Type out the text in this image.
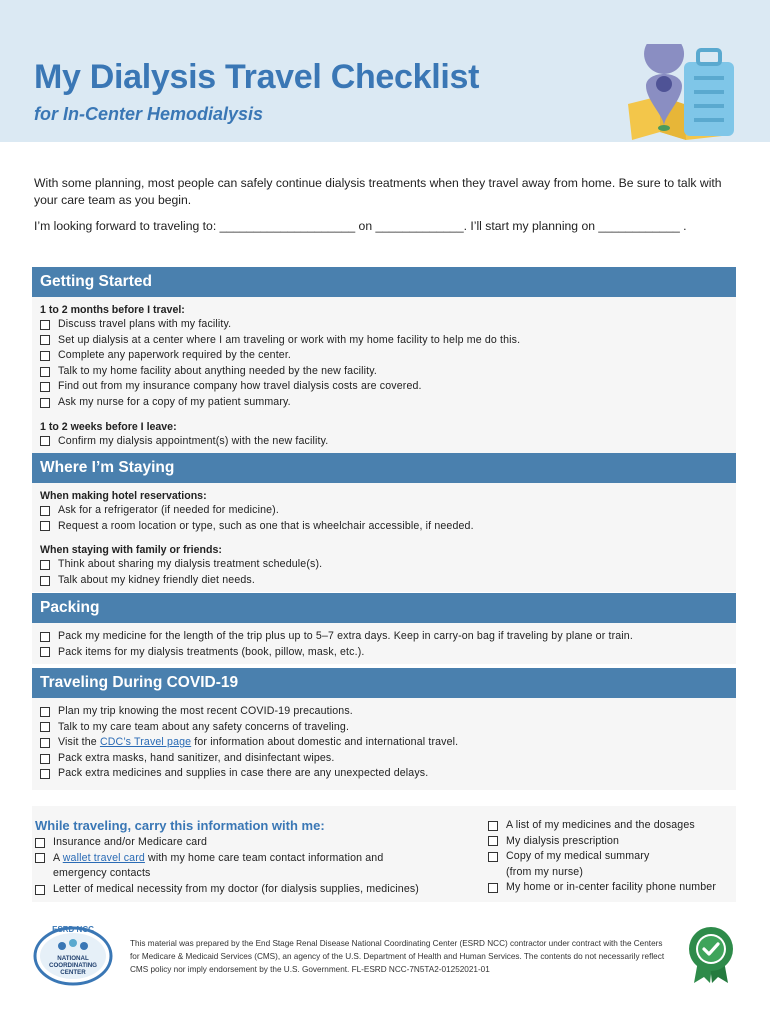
My Dialysis Travel Checklist
for In-Center Hemodialysis
With some planning, most people can safely continue dialysis treatments when they travel away from home. Be sure to talk with your care team as you begin.
I’m looking forward to traveling to: ____________________ on _____________. I’ll start my planning on ____________ .
Getting Started
1 to 2 months before I travel:
Discuss travel plans with my facility.
Set up dialysis at a center where I am traveling or work with my home facility to help me do this.
Complete any paperwork required by the center.
Talk to my home facility about anything needed by the new facility.
Find out from my insurance company how travel dialysis costs are covered.
Ask my nurse for a copy of my patient summary.
1 to 2 weeks before I leave:
Confirm my dialysis appointment(s) with the new facility.
Where I’m Staying
When making hotel reservations:
Ask for a refrigerator (if needed for medicine).
Request a room location or type, such as one that is wheelchair accessible, if needed.
When staying with family or friends:
Think about sharing my dialysis treatment schedule(s).
Talk about my kidney friendly diet needs.
Packing
Pack my medicine for the length of the trip plus up to 5–7 extra days. Keep in carry-on bag if traveling by plane or train.
Pack items for my dialysis treatments (book, pillow, mask, etc.).
Traveling During COVID-19
Plan my trip knowing the most recent COVID-19 precautions.
Talk to my care team about any safety concerns of traveling.
Visit the CDC’s Travel page for information about domestic and international travel.
Pack extra masks, hand sanitizer, and disinfectant wipes.
Pack extra medicines and supplies in case there are any unexpected delays.
While traveling, carry this information with me:
Insurance and/or Medicare card
A wallet travel card with my home care team contact information and
emergency contacts
Letter of medical necessity from my doctor (for dialysis supplies, medicines)
A list of my medicines and the dosages
My dialysis prescription
Copy of my medical summary
(from my nurse)
My home or in-center facility phone number
ESRD NCC
NATIONAL
COORDINATING
CENTER
This material was prepared by the End Stage Renal Disease National Coordinating Center (ESRD NCC) contractor under contract with the Centers for Medicare & Medicaid Services (CMS), an agency of the U.S. Department of Health and Human Services. The contents do not necessarily reflect CMS policy nor imply endorsement by the U.S. Government. FL-ESRD NCC-7N5TA2-01252021-01
